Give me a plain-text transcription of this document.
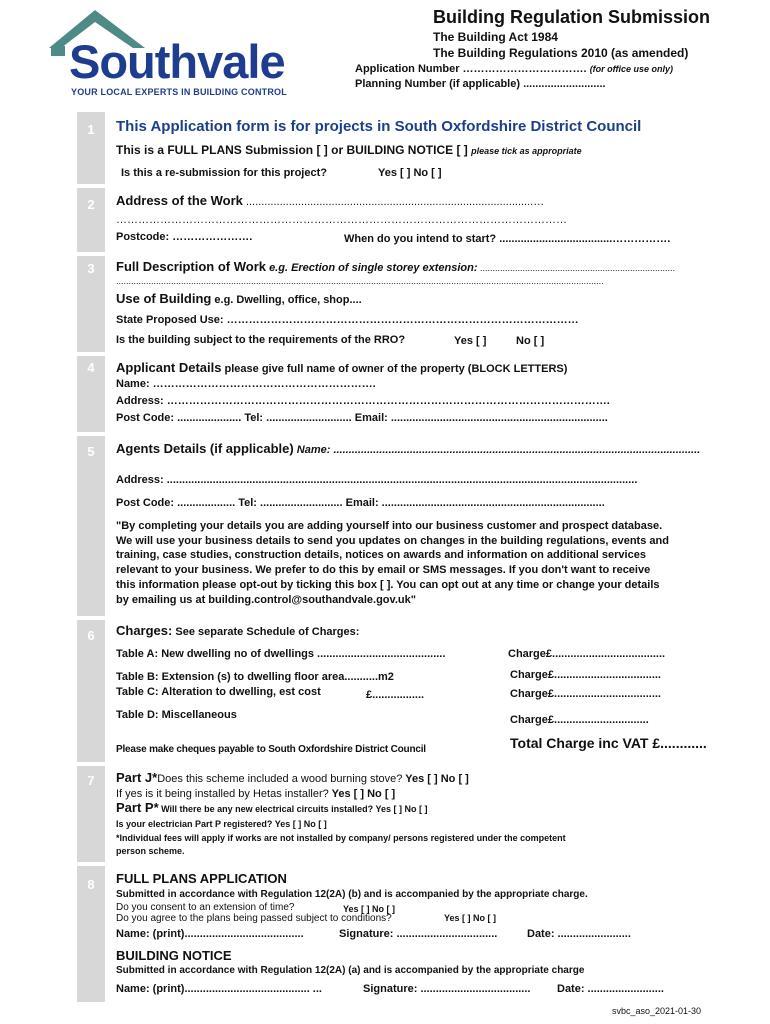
Southvale
YOUR LOCAL EXPERTS IN BUILDING CONTROL
Building Regulation Submission
The Building Act 1984
The Building Regulations 2010 (as amended)
Application Number ……………………………. (for office use only)
Planning Number (if applicable) ...........................
1
2
3
4
5
6
7
8
This Application form is for projects in South Oxfordshire District Council
This is a FULL PLANS Submission [ ] or BUILDING NOTICE [ ] please tick as appropriate
Is this a re-submission for this project?	Yes [ ] No [ ]
Address of the Work ..............................................................................................…
……………………………………………………………………………………………………………
Postcode: ………………….	When do you intend to start? .....................................…………….
Full Description of Work e.g. Erection of single storey extension: ..............................................................................
...................................................................................................................................................................................................
Use of Building e.g. Dwelling, office, shop....
State Proposed Use: ……………………………………………………………………………………
Is the building subject to the requirements of the RRO?	Yes [ ]	No [ ]
Applicant Details please give full name of owner of the property (BLOCK LETTERS)
Name: …………………………………………………….
Address: ………………………………………………………………………………………………………….
Post Code: ..................... Tel: ............................ Email: .......................................................................
Agents Details (if applicable) Name: ........................................................................................................................
Address: ..........................................................................................................................................................
Post Code: ................... Tel: ........................... Email: .........................................................................
"By completing your details you are adding yourself into our business customer and prospect database.
We will use your business details to send you updates on changes in the building regulations, events and
training, case studies, construction details, notices on awards and information on additional services
relevant to your business. We prefer to do this by email or SMS messages. If you don't want to receive
this information please opt-out by ticking this box [ ]. You can opt out at any time or change your details
by emailing us at building.control@southandvale.gov.uk"
Charges: See separate Schedule of Charges:
Table A: New dwelling no of dwellings ..........................................	Charge£.....................................
Table B: Extension (s) to dwelling floor area...........m2	Charge£...................................
Table C: Alteration to dwelling, est cost	£.................	Charge£...................................
Table D: Miscellaneous	Charge£...............................
Please make cheques payable to South Oxfordshire District Council	Total Charge inc VAT £............
Part J*Does this scheme included a wood burning stove? Yes [ ] No [ ]
If yes is it being installed by Hetas installer? Yes [ ] No [ ]
Part P* Will there be any new electrical circuits installed? Yes [ ] No [ ]
Is your electrician Part P registered? Yes [ ] No [ ]
*Individual fees will apply if works are not installed by company/ persons registered under the competent
person scheme.
FULL PLANS APPLICATION
Submitted in accordance with Regulation 12(2A) (b) and is accompanied by the appropriate charge.
Do you consent to an extension of time?	Yes [ ] No [ ]
Do you agree to the plans being passed subject to conditions?	Yes [ ] No [ ]
Name: (print).......................................	Signature: .................................	Date: ........................
BUILDING NOTICE
Submitted in accordance with Regulation 12(2A) (a) and is accompanied by the appropriate charge
Name: (print)......................................... ...	Signature: .................................... Date: .........................
svbc_aso_2021-01-30
